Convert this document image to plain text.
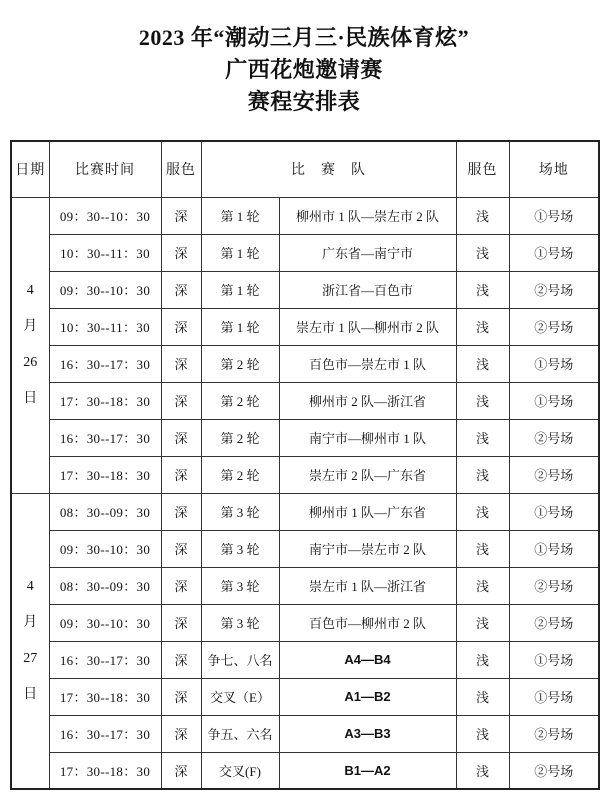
2023 年“潮动三月三·民族体育炫”
广西花炮邀请赛
赛程安排表
日期	比赛时间	服色	比　赛　队		服色	场地

4
月
26
日	09：30--10：30	深	第 1 轮	柳州市 1 队—崇左市 2 队	浅	①号场
	10：30--11：30	深	第 1 轮	广东省—南宁市	浅	①号场
	09：30--10：30	深	第 1 轮	浙江省—百色市	浅	②号场
	10：30--11：30	深	第 1 轮	崇左市 1 队—柳州市 2 队	浅	②号场
	16：30--17：30	深	第 2 轮	百色市—崇左市 1 队	浅	①号场
	17：30--18：30	深	第 2 轮	柳州市 2 队—浙江省	浅	①号场
	16：30--17：30	深	第 2 轮	南宁市—柳州市 1 队	浅	②号场
	17：30--18：30	深	第 2 轮	崇左市 2 队—广东省	浅	②号场

4
月
27
日	08：30--09：30	深	第 3 轮	柳州市 1 队—广东省	浅	①号场
	09：30--10：30	深	第 3 轮	南宁市—崇左市 2 队	浅	①号场
	08：30--09：30	深	第 3 轮	崇左市 1 队—浙江省	浅	②号场
	09：30--10：30	深	第 3 轮	百色市—柳州市 2 队	浅	②号场
	16：30--17：30	深	争七、八名	A4—B4	浅	①号场
	17：30--18：30	深	交叉（E）	A1—B2	浅	①号场
	16：30--17：30	深	争五、六名	A3—B3	浅	②号场
	17：30--18：30	深	交叉(F)	B1—A2	浅	②号场
